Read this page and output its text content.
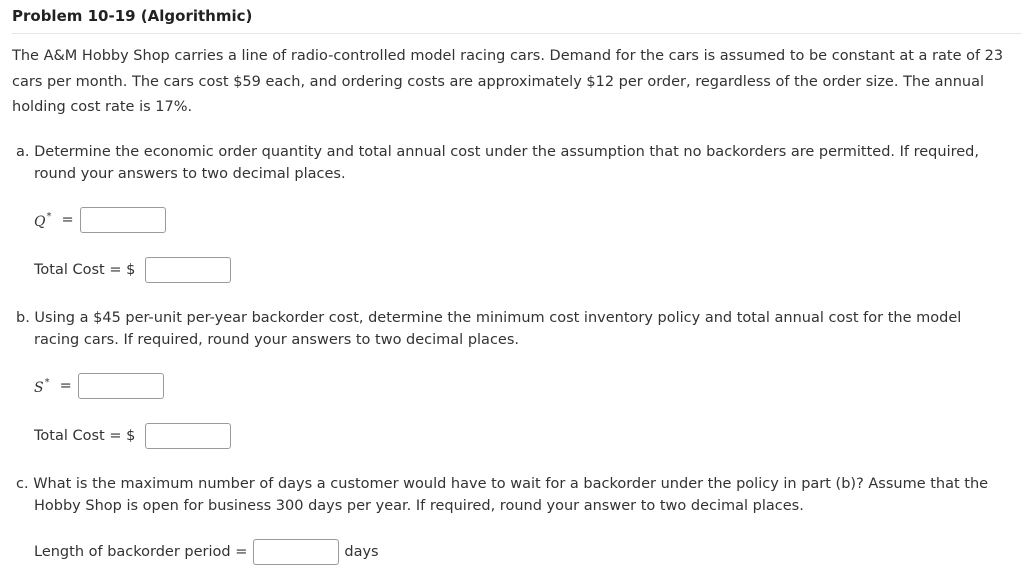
Problem 10-19 (Algorithmic)
The A&M Hobby Shop carries a line of radio-controlled model racing cars. Demand for the cars is assumed to be constant at a rate of 23
cars per month. The cars cost $59 each, and ordering costs are approximately $12 per order, regardless of the order size. The annual
holding cost rate is 17%.
a. Determine the economic order quantity and total annual cost under the assumption that no backorders are permitted. If required,
round your answers to two decimal places.
Q* =
Total Cost = $
b. Using a $45 per-unit per-year backorder cost, determine the minimum cost inventory policy and total annual cost for the model
racing cars. If required, round your answers to two decimal places.
S* =
Total Cost = $
c. What is the maximum number of days a customer would have to wait for a backorder under the policy in part (b)? Assume that the
Hobby Shop is open for business 300 days per year. If required, round your answer to two decimal places.
Length of backorder period =	days
